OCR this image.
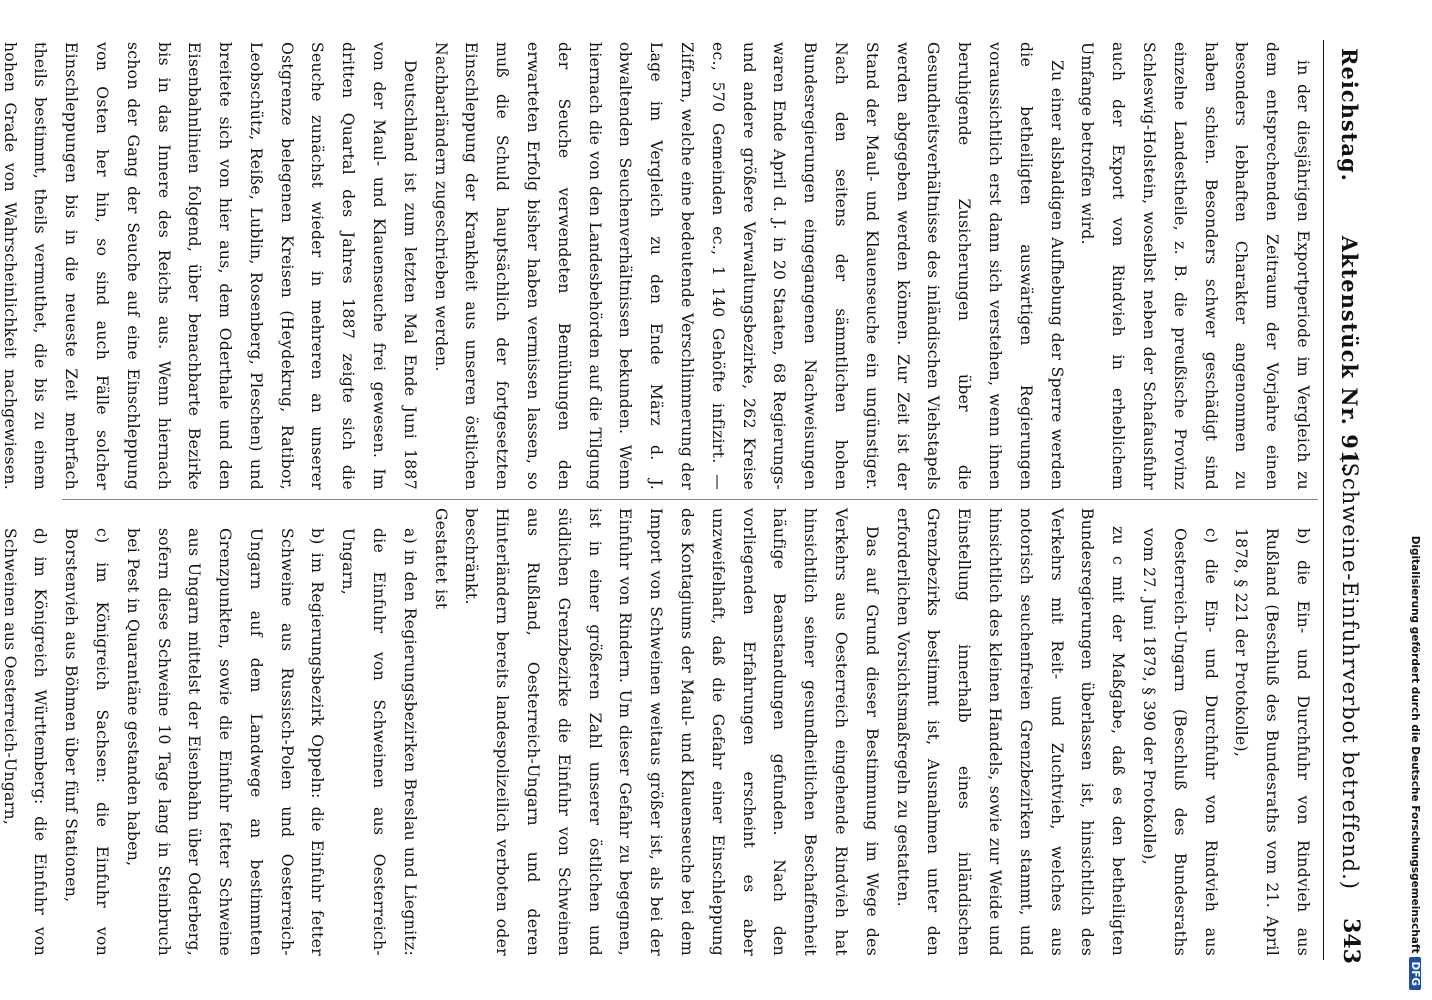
Reichstag.       Aktenstück Nr. 91.
(Schweine-Einfuhrverbot betreffend.)
343

in der diesjährigen Exportperiode im Vergleich zu dem entsprechenden Zeitraum der Vorjahre einen besonders lebhaften Charakter angenommen zu haben schien. Besonders schwer geschädigt sind einzelne Landestheile, z. B. die preußische Provinz Schleswig-Holstein, woselbst neben der Schafausfuhr auch der Export von Rindvieh in erheblichem Umfange betroffen wird.

Zu einer alsbaldigen Aufhebung der Sperre werden die betheiligten auswärtigen Regierungen voraussichtlich erst dann sich verstehen, wenn ihnen beruhigende Zusicherungen über die Gesundheitsverhältnisse des inländischen Viehstapels werden abgegeben werden können. Zur Zeit ist der Stand der Maul- und Klauenseuche ein ungünstiger. Nach den seitens der sämmtlichen hohen Bundesregierungen eingegangenen Nachweisungen waren Ende April d. J. in 20 Staaten, 68 Regierungs- und andere größere Verwaltungsbezirke, 262 Kreise ec., 570 Gemeinden ec., 1 140 Gehöfte infizirt. — Ziffern, welche eine bedeutende Verschlimmerung der Lage im Vergleich zu den Ende März d. J. obwaltenden Seuchenverhältnissen bekunden. Wenn hiernach die von den Landesbehörden auf die Tilgung der Seuche verwendeten Bemühungen den erwarteten Erfolg bisher haben vermissen lassen, so muß die Schuld hauptsächlich der fortgesetzten Einschleppung der Krankheit aus unseren östlichen Nachbarländern zugeschrieben werden.

Deutschland ist zum letzten Mal Ende Juni 1887 von der Maul- und Klauenseuche frei gewesen. Im dritten Quartal des Jahres 1887 zeigte sich die Seuche zunächst wieder in mehreren an unserer Ostgrenze belegenen Kreisen (Heydekrug, Ratibor, Leobschütz, Reiße, Lublin, Rosenberg, Pleschen) und breitete sich von hier aus, dem Oderthale und den Eisenbahnlinien folgend, über benachbarte Bezirke bis in das Innere des Reichs aus. Wenn hiernach schon der Gang der Seuche auf eine Einschleppung von Osten her hin, so sind auch Fälle solcher Einschleppungen bis in die neueste Zeit mehrfach theils bestimmt, theils vermuthet, die bis zu einem hohen Grade von Wahrscheinlichkeit nachgewiesen.

b) die Ein- und Durchfuhr von Rindvieh aus Rußland (Beschluß des Bundesraths vom 21. April 1878, § 221 der Protokolle),

c) die Ein- und Durchfuhr von Rindvieh aus Oesterreich-Ungarn (Beschluß des Bundesraths vom 27. Juni 1879, § 390 der Protokolle),

zu c mit der Maßgabe, daß es den betheiligten Bundesregierungen überlassen ist, hinsichtlich des Verkehrs mit Reit- und Zuchtvieh, welches aus notorisch seuchenfreien Grenzbezirken stammt, und hinsichtlich des kleinen Handels, sowie zur Weide und Einstellung innerhalb eines inländischen Grenzbezirks bestimmt ist, Ausnahmen unter den erforderlichen Vorsichtsmaßregeln zu gestatten.

Das auf Grund dieser Bestimmung im Wege des Verkehrs aus Oesterreich eingehende Rindvieh hat hinsichtlich seiner gesundheitlichen Beschaffenheit häufige Beanstandungen gefunden. Nach den vorliegenden Erfahrungen erscheint es aber unzweifelhaft, daß die Gefahr einer Einschleppung des Kontagiums der Maul- und Klauenseuche bei dem Import von Schweinen weitaus größer ist, als bei der Einfuhr von Rindern. Um dieser Gefahr zu begegnen, ist in einer größeren Zahl unserer östlichen und südlichen Grenzbezirke die Einfuhr von Schweinen aus Rußland, Oesterreich-Ungarn und deren Hinterländern bereits landespolizeilich verboten oder beschränkt.

Gestattet ist

a) in den Regierungsbezirken Breslau und Liegnitz: die Einfuhr von Schweinen aus Oesterreich-Ungarn,

b) im Regierungsbezirk Oppeln: die Einfuhr fetter Schweine aus Russisch-Polen und Oesterreich-Ungarn auf dem Landwege an bestimmten Grenzpunkten, sowie die Einfuhr fetter Schweine aus Ungarn mittelst der Eisenbahn über Oderberg, sofern diese Schweine 10 Tage lang in Steinbruch bei Pest in Quarantäne gestanden haben,

c) im Königreich Sachsen: die Einfuhr von Borstenvieh aus Böhmen über fünf Stationen,

d) im Königreich Württemberg: die Einfuhr von Schweinen aus Oesterreich-Ungarn,	Digitalisierung gefördert durch die Deutsche ForschungsgemeinschaftDFG
